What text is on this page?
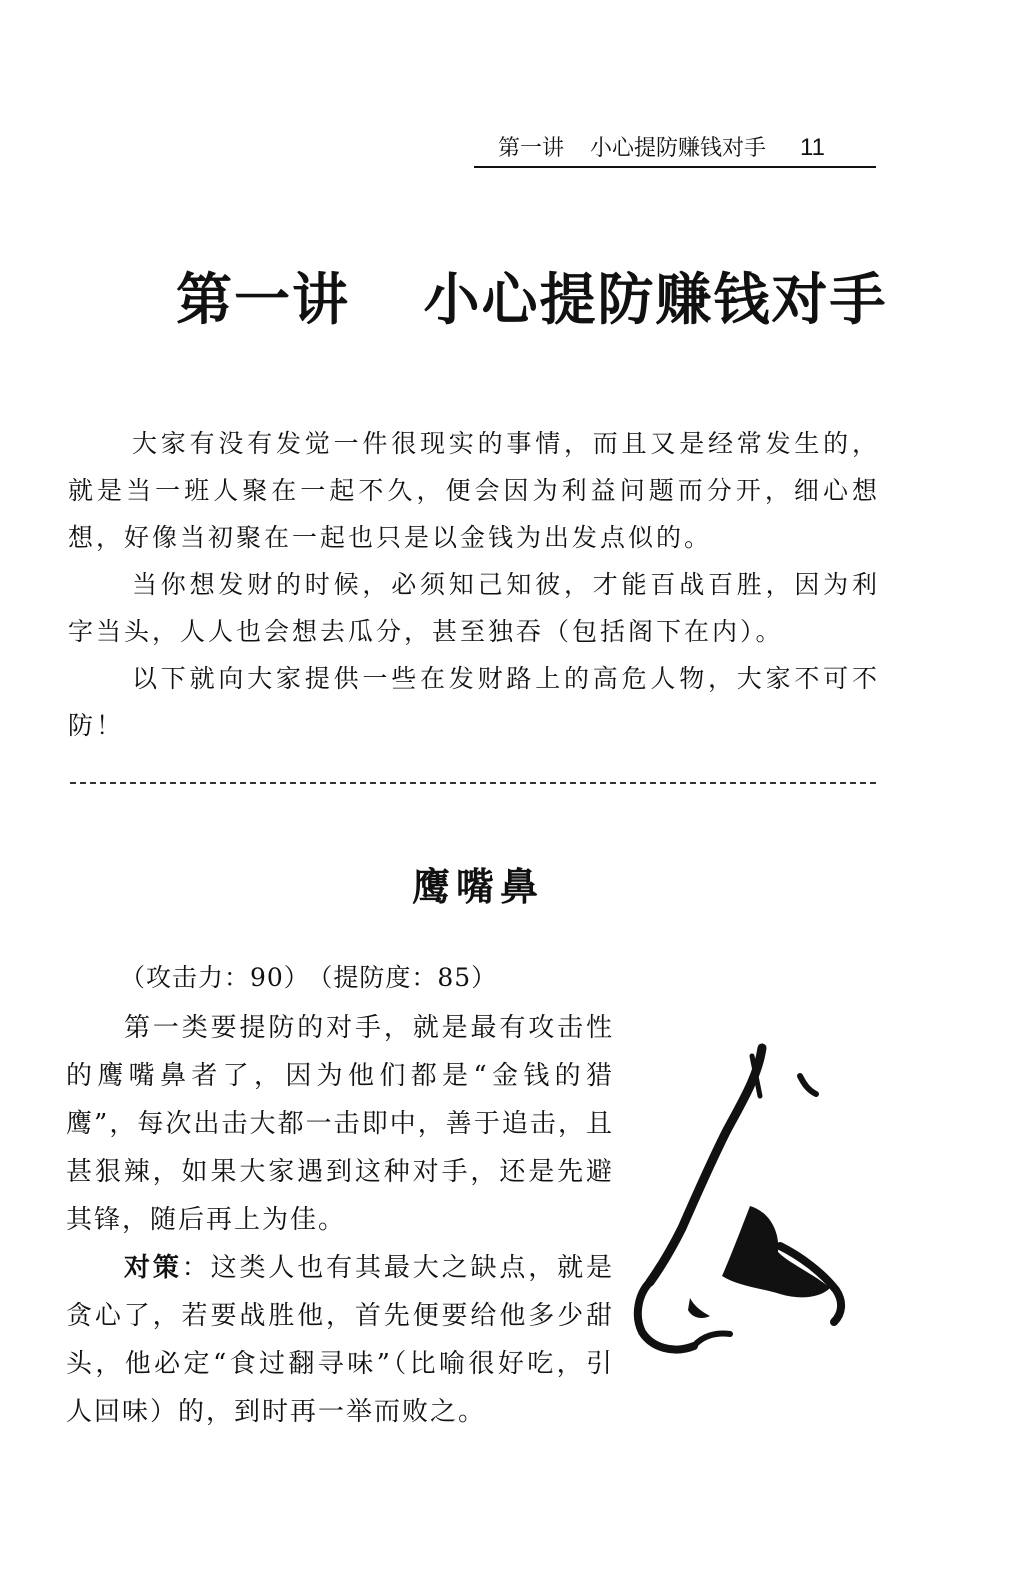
第一讲 小心提防赚钱对手 11
第一讲 小心提防赚钱对手

大家有没有发觉一件很现实的事情，而且又是经常发生的，就是当一班人聚在一起不久，便会因为利益问题而分开，细心想想，好像当初聚在一起也只是以金钱为出发点似的。

当你想发财的时候，必须知己知彼，才能百战百胜，因为利字当头，人人也会想去瓜分，甚至独吞（包括阁下在内）。

以下就向大家提供一些在发财路上的高危人物，大家不可不防！

鹰嘴鼻
（攻击力：90） （提防度：85）

第一类要提防的对手，就是最有攻击性的鹰嘴鼻者了，因为他们都是“金钱的猎鹰”，每次出击大都一击即中，善于追击，且甚狠辣，如果大家遇到这种对手，还是先避其锋，随后再上为佳。

对策：这类人也有其最大之缺点，就是贪心了，若要战胜他，首先便要给他多少甜头，他必定“食过翻寻味”（比喻很好吃，引人回味）的，到时再一举而败之。
